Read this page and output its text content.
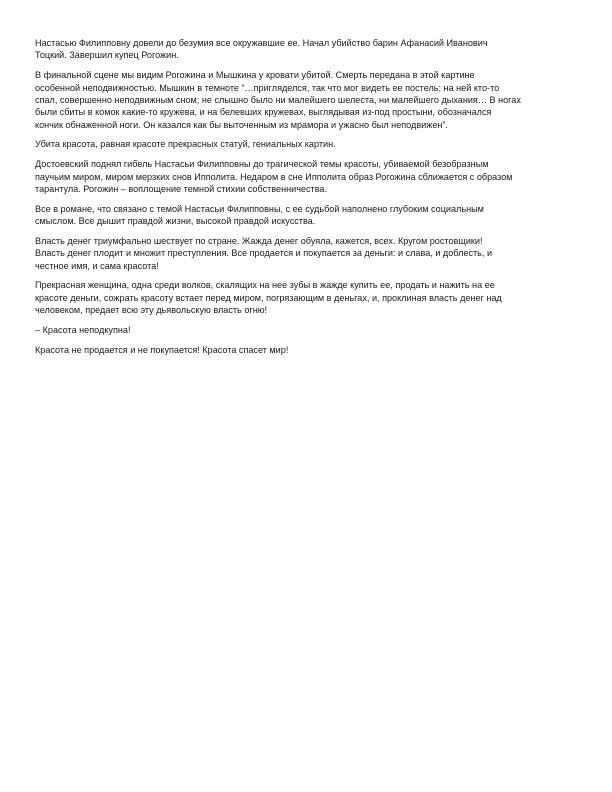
Настасью Филипповну довели до безумия все окружавшие ее. Начал убийство барин Афанасий Иванович
Тоцкий. Завершил купец Рогожин.

В финальной сцене мы видим Рогожина и Мышкина у кровати убитой. Смерть передана в этой картине
особенной неподвижностью. Мышкин в темноте “…пригляделся, так что мог видеть ее постель; на ней кто-то
спал, совершенно неподвижным сном; не слышно было ни малейшего шелеста, ни малейшего дыхания… В ногах
были сбиты в комок какие-то кружева, и на белевших кружевах, выглядывая из-под простыни, обозначался
кончик обнаженной ноги. Он казался как бы выточенным из мрамора и ужасно был неподвижен”.

Убита красота, равная красоте прекрасных статуй, гениальных картин.

Достоевский поднял гибель Настасьи Филипповны до трагической темы красоты, убиваемой безобразным
паучьим миром, миром мерзких снов Ипполита. Недаром в сне Ипполита образ Рогожина сближается с образом
тарантула. Рогожин – воплощение темной стихии собственничества.

Все в романе, что связано с темой Настасьи Филипповны, с ее судьбой наполнено глубоким социальным
смыслом. Все дышит правдой жизни, высокой правдой искусства.

Власть денег триумфально шествует по стране. Жажда денег обуяла, кажется, всех. Кругом ростовщики!
Власть денег плодит и множит преступления. Все продается и покупается за деньги: и слава, и доблесть, и
честное имя, и сама красота!

Прекрасная женщина, одна среди волков, скалящих на нее зубы в жажде купить ее, продать и нажить на ее
красоте деньги, сожрать красоту встает перед миром, погрязающим в деньгах, и, проклиная власть денег над
человеком, предает всю эту дьявольскую власть огню!

– Красота неподкупна!

Красота не продается и не покупается! Красота спасет мир!
